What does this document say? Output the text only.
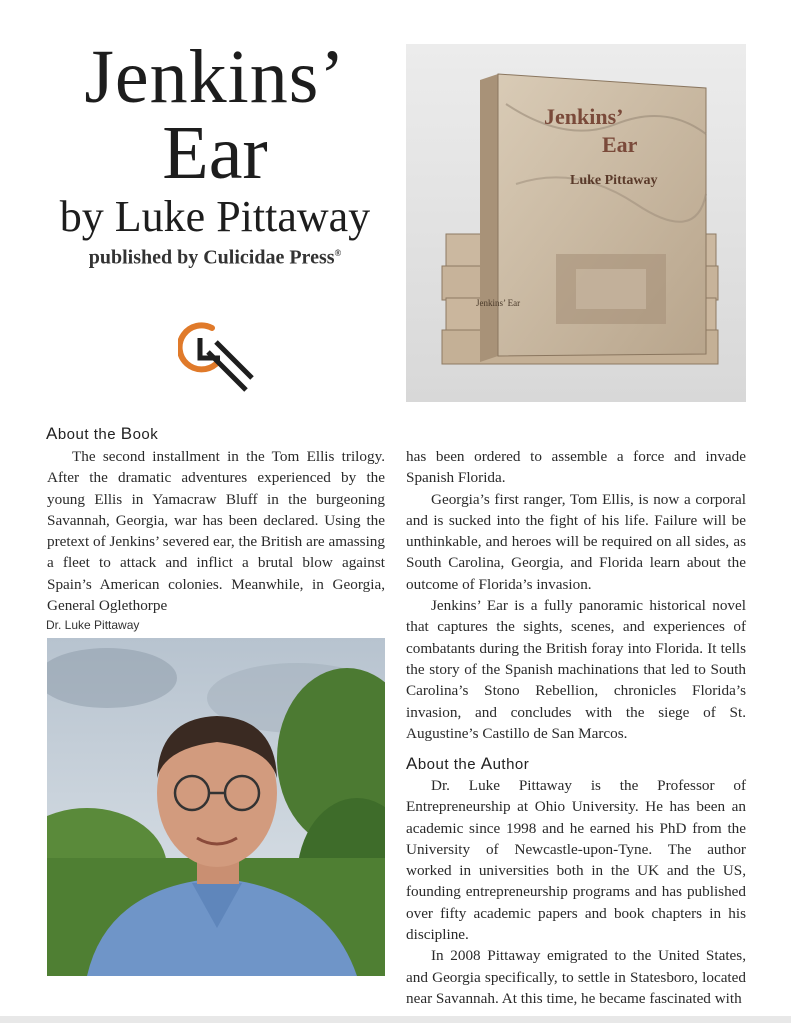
Jenkins’
Ear
by Luke Pittaway
published by Culicidae Press®
Jenkins’
Ear
Luke Pittaway
Jenkins’ Ear
About the Book

The second installment in the Tom Ellis trilogy. After the dramatic adventures experienced by the young Ellis in Yamacraw Bluff in the burgeoning Savannah, Georgia, war has been declared. Using the pretext of Jenkins’ severed ear, the British are amassing a fleet to attack and inflict a brutal blow against Spain’s American colonies. Meanwhile, in Georgia, General Oglethorpe

Dr. Luke Pittaway

has been ordered to assemble a force and invade Spanish Florida.

Georgia’s first ranger, Tom Ellis, is now a corporal and is sucked into the fight of his life. Failure will be unthinkable, and heroes will be required on all sides, as South Carolina, Georgia, and Florida learn about the outcome of Florida’s invasion.

Jenkins’ Ear is a fully panoramic historical novel that captures the sights, scenes, and experiences of combatants during the British foray into Florida. It tells the story of the Spanish machinations that led to South Carolina’s Stono Rebellion, chronicles Florida’s invasion, and concludes with the siege of St. Augustine’s Castillo de San Marcos.

About the Author

Dr. Luke Pittaway is the Professor of Entrepreneurship at Ohio University. He has been an academic since 1998 and he earned his PhD from the University of Newcastle-upon-Tyne. The author worked in universities both in the UK and the US, founding entrepreneurship programs and has published over fifty academic papers and book chapters in his discipline.

In 2008 Pittaway emigrated to the United States, and Georgia specifically, to settle in Statesboro, located near Savannah. At this time, he became fascinated with
